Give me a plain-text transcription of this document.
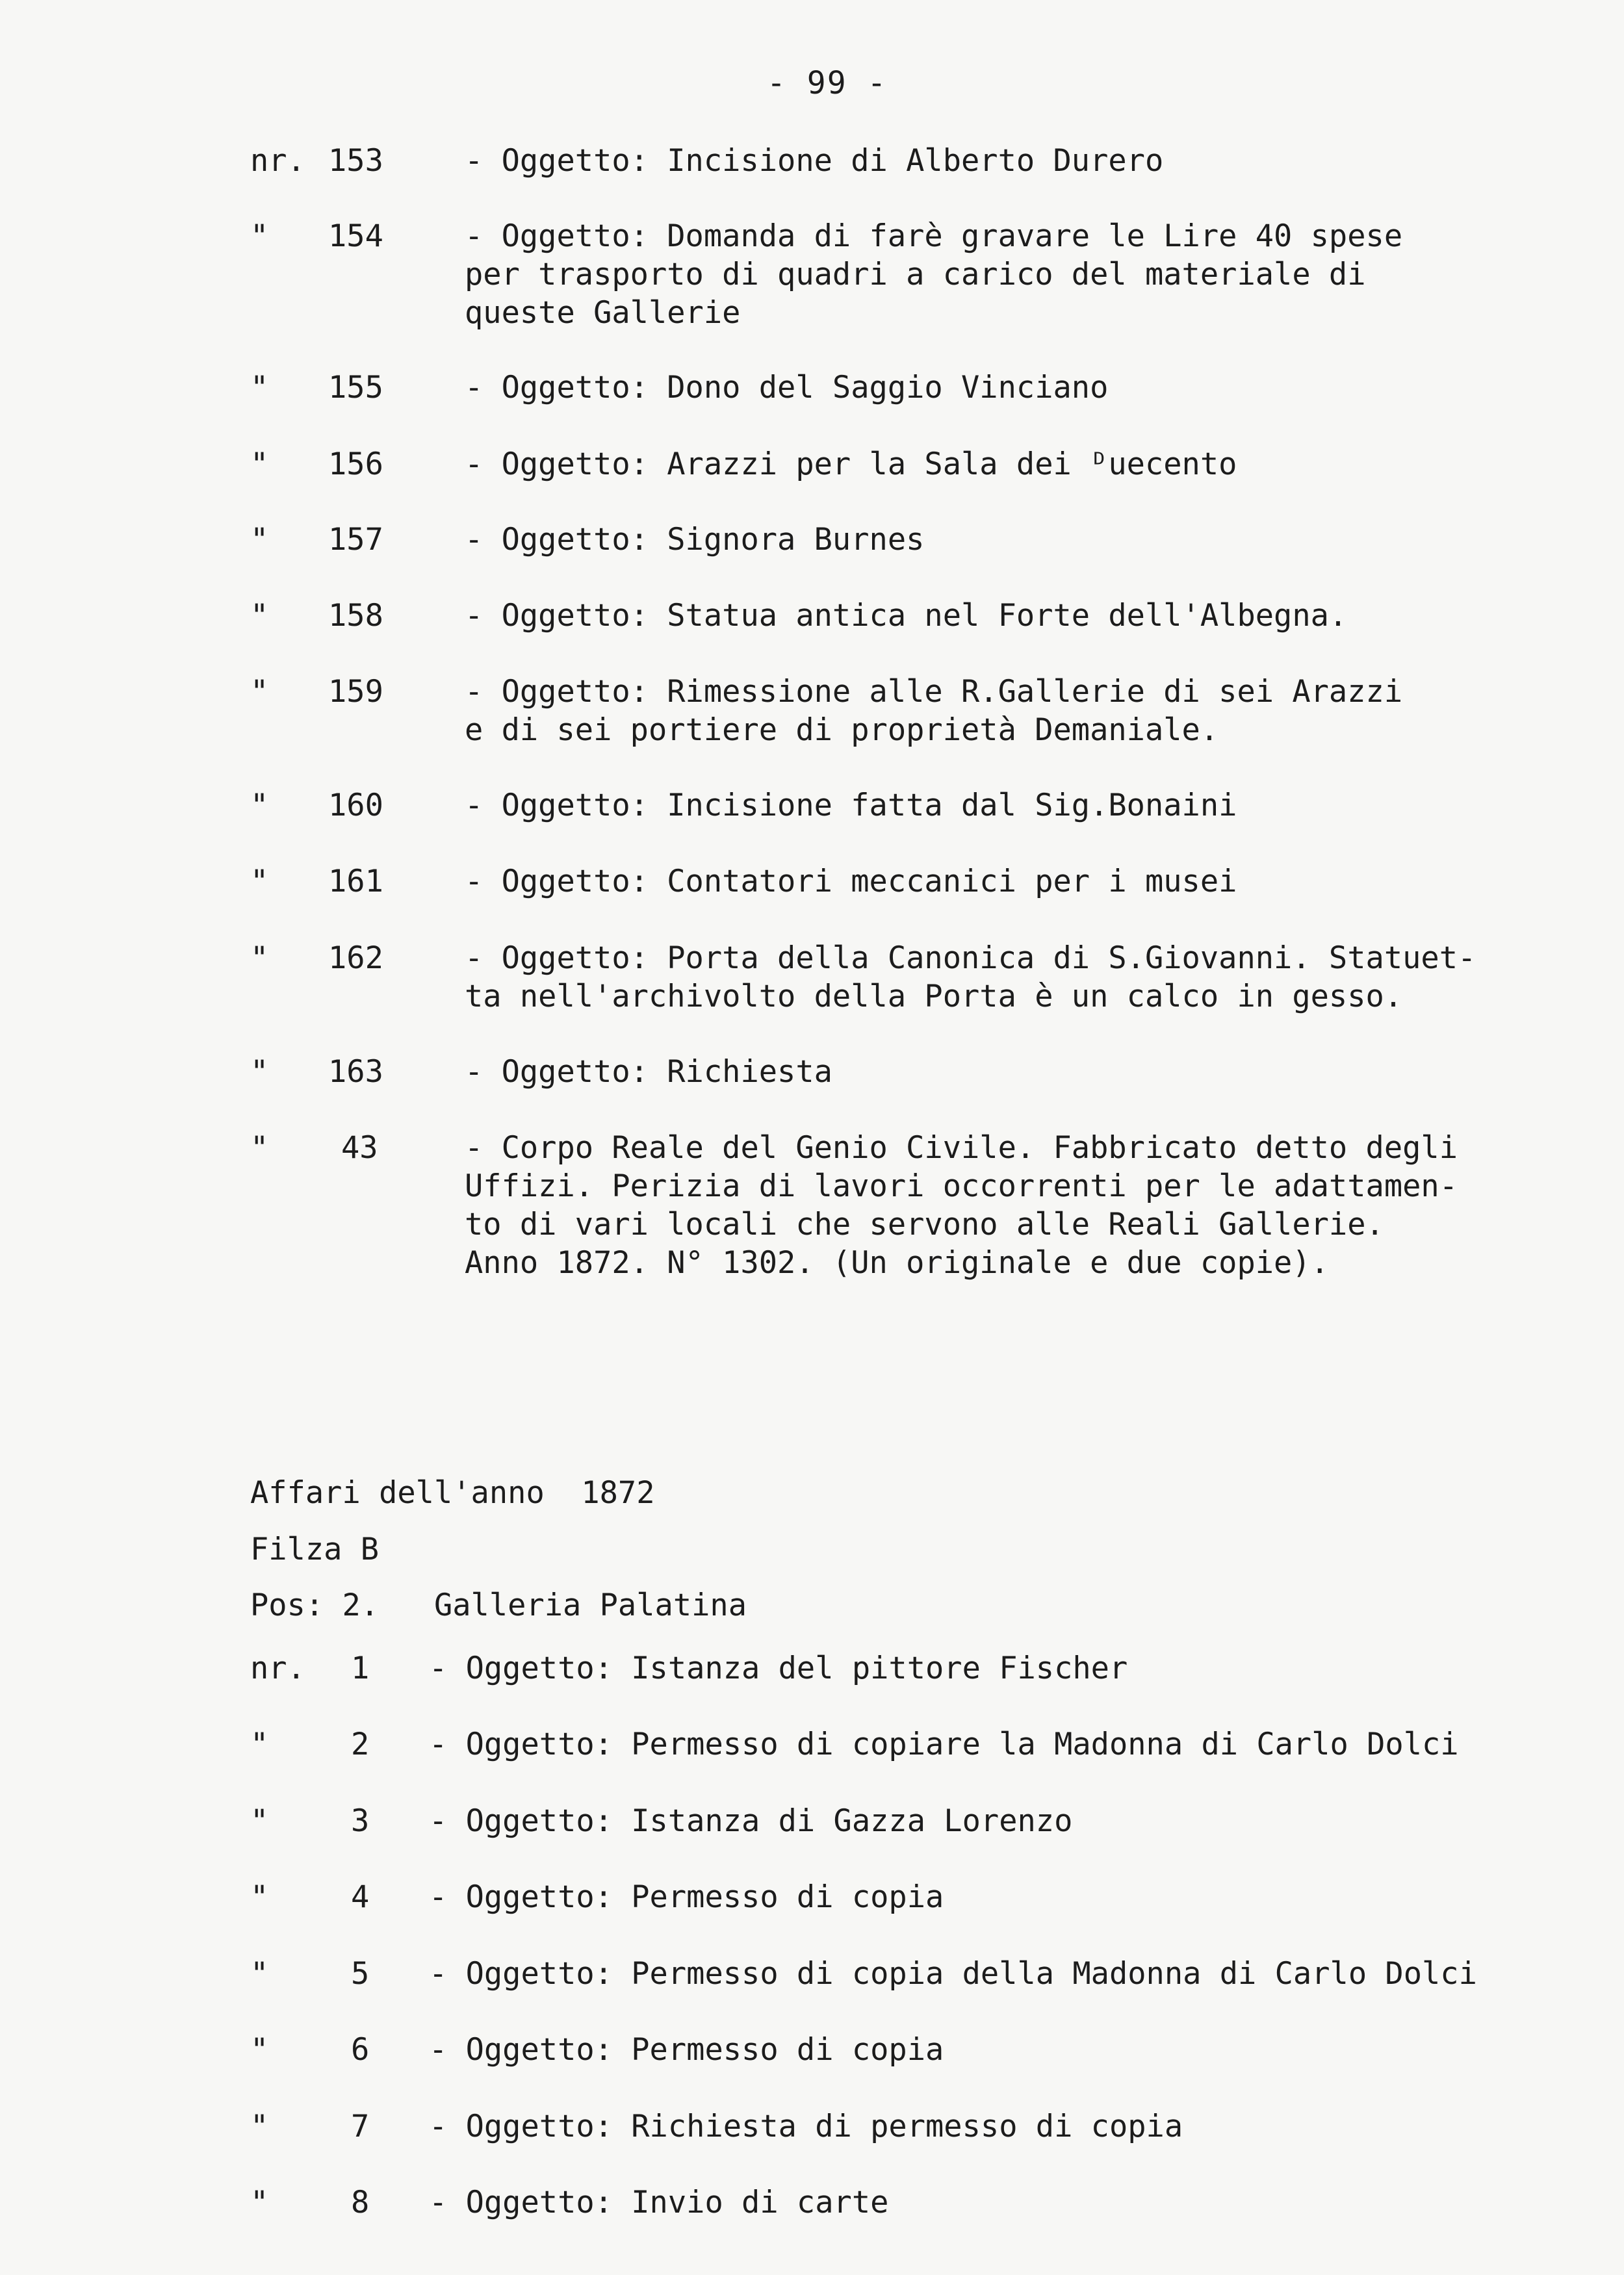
- 99 -
nr. 153	- Oggetto: Incisione di Alberto Durero
" 154	- Oggetto: Domanda di farè gravare le Lire 40 spese
per trasporto di quadri a carico del materiale di
queste Gallerie
" 155	- Oggetto: Dono del Saggio Vinciano
" 156	- Oggetto: Arazzi per la Sala dei ᴰuecento
" 157	- Oggetto: Signora Burnes
" 158	- Oggetto: Statua antica nel Forte dell'Albegna.
" 159	- Oggetto: Rimessione alle R.Gallerie di sei Arazzi
e di sei portiere di proprietà Demaniale.
" 160	- Oggetto: Incisione fatta dal Sig.Bonaini
" 161	- Oggetto: Contatori meccanici per i musei
" 162	- Oggetto: Porta della Canonica di S.Giovanni. Statuet-
ta nell'archivolto della Porta è un calco in gesso.
" 163	- Oggetto: Richiesta
" 43	- Corpo Reale del Genio Civile. Fabbricato detto degli
Uffizi. Perizia di lavori occorrenti per le adattamen-
to di vari locali che servono alle Reali Gallerie.
Anno 1872. N° 1302. (Un originale e due copie).
Affari dell'anno  1872
Filza B
Pos: 2.   Galleria Palatina
nr. 1	- Oggetto: Istanza del pittore Fischer
"	2	- Oggetto: Permesso di copiare la Madonna di Carlo Dolci
"	3	- Oggetto: Istanza di Gazza Lorenzo
"	4	- Oggetto: Permesso di copia
"	5	- Oggetto: Permesso di copia della Madonna di Carlo Dolci
"	6	- Oggetto: Permesso di copia
"	7	- Oggetto: Richiesta di permesso di copia
"	8	- Oggetto: Invio di carte
